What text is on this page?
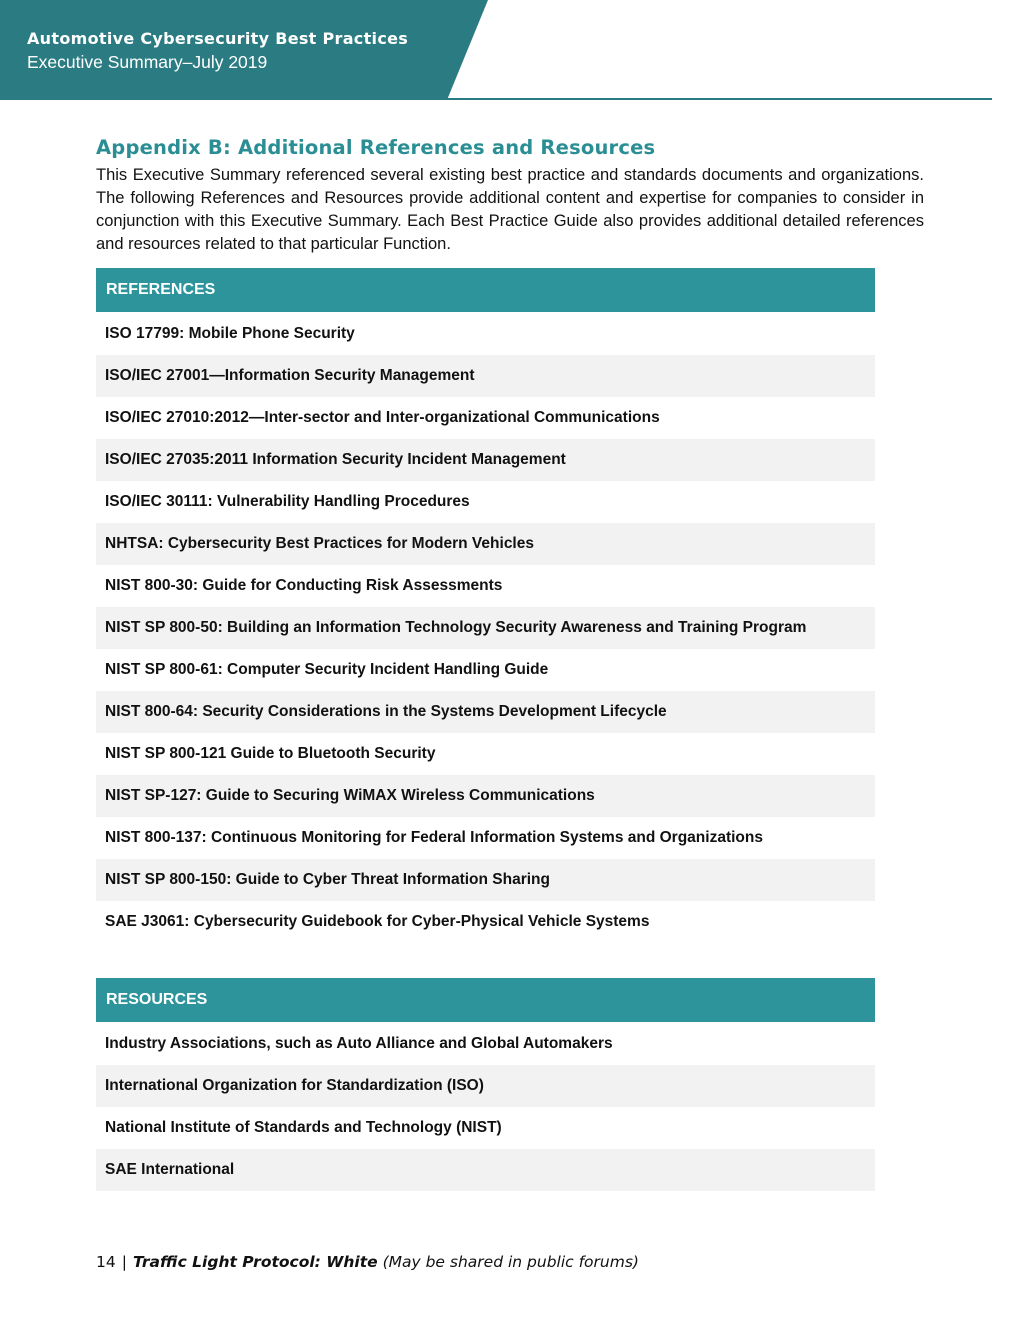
Automotive Cybersecurity Best Practices
Executive Summary–July 2019
Appendix B: Additional References and Resources
This Executive Summary referenced several existing best practice and standards documents and organizations. The following References and Resources provide additional content and expertise for companies to consider in conjunction with this Executive Summary. Each Best Practice Guide also provides additional detailed references and resources related to that particular Function.
REFERENCES
ISO 17799: Mobile Phone Security
ISO/IEC 27001—Information Security Management
ISO/IEC 27010:2012—Inter-sector and Inter-organizational Communications
ISO/IEC 27035:2011 Information Security Incident Management
ISO/IEC 30111: Vulnerability Handling Procedures
NHTSA: Cybersecurity Best Practices for Modern Vehicles
NIST 800-30: Guide for Conducting Risk Assessments
NIST SP 800-50: Building an Information Technology Security Awareness and Training Program
NIST SP 800-61: Computer Security Incident Handling Guide
NIST 800-64: Security Considerations in the Systems Development Lifecycle
NIST SP 800-121 Guide to Bluetooth Security
NIST SP-127: Guide to Securing WiMAX Wireless Communications
NIST 800-137: Continuous Monitoring for Federal Information Systems and Organizations
NIST SP 800-150: Guide to Cyber Threat Information Sharing
SAE J3061: Cybersecurity Guidebook for Cyber-Physical Vehicle Systems
RESOURCES
Industry Associations, such as Auto Alliance and Global Automakers
International Organization for Standardization (ISO)
National Institute of Standards and Technology (NIST)
SAE International
14 | Traffic Light Protocol: White (May be shared in public forums)
